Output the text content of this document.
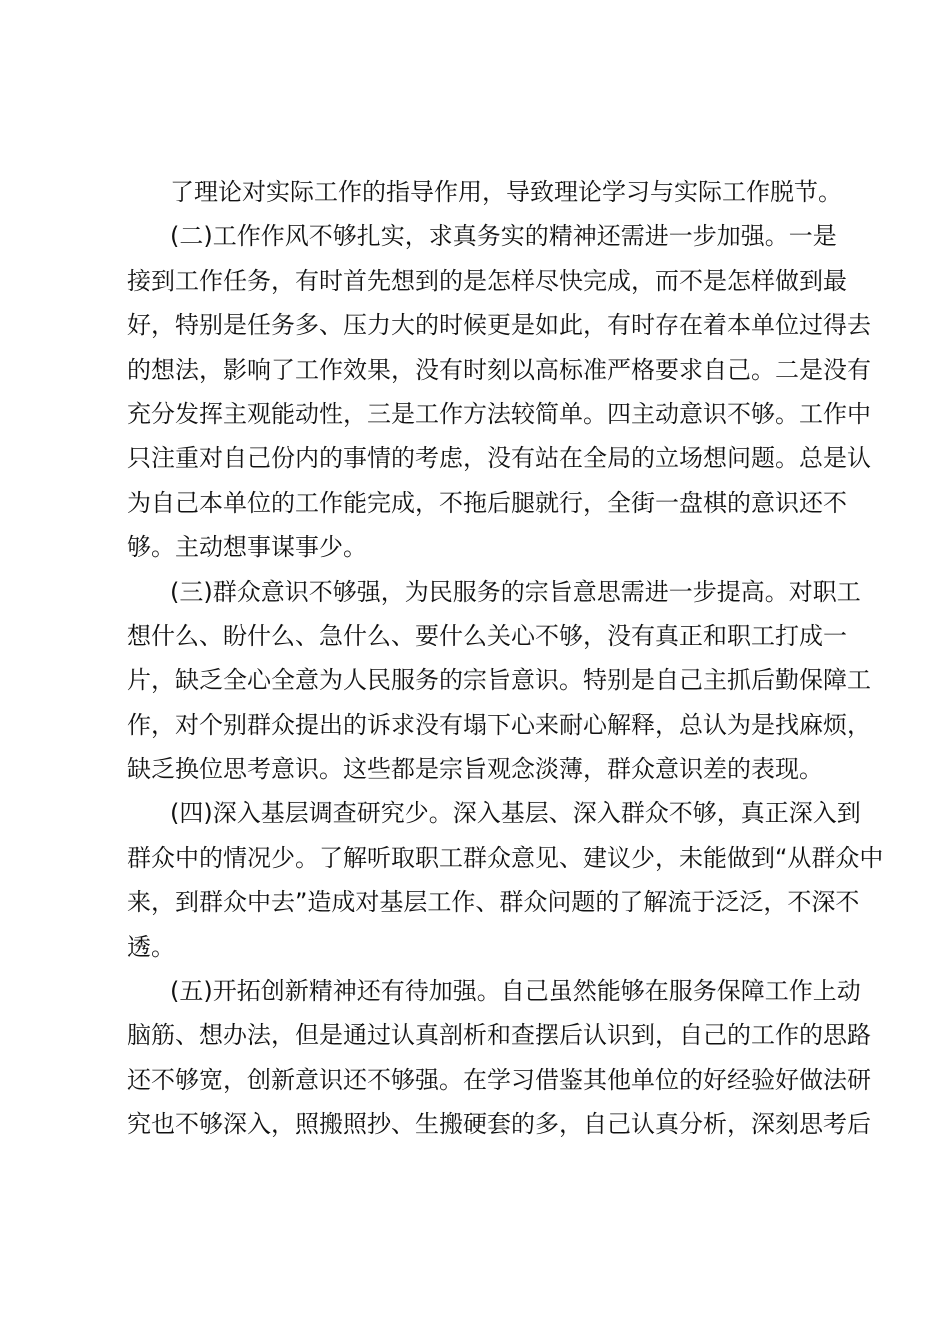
了理论对实际工作的指导作用，导致理论学习与实际工作脱节。
(二)工作作风不够扎实，求真务实的精神还需进一步加强。一是
接到工作任务，有时首先想到的是怎样尽快完成，而不是怎样做到最
好，特别是任务多、压力大的时候更是如此，有时存在着本单位过得去
的想法，影响了工作效果，没有时刻以高标准严格要求自己。二是没有
充分发挥主观能动性，三是工作方法较简单。四主动意识不够。工作中
只注重对自己份内的事情的考虑，没有站在全局的立场想问题。总是认
为自己本单位的工作能完成，不拖后腿就行，全街一盘棋的意识还不
够。主动想事谋事少。
(三)群众意识不够强，为民服务的宗旨意思需进一步提高。对职工
想什么、盼什么、急什么、要什么关心不够，没有真正和职工打成一
片，缺乏全心全意为人民服务的宗旨意识。特别是自己主抓后勤保障工
作，对个别群众提出的诉求没有塌下心来耐心解释，总认为是找麻烦，
缺乏换位思考意识。这些都是宗旨观念淡薄，群众意识差的表现。
(四)深入基层调查研究少。深入基层、深入群众不够，真正深入到
群众中的情况少。了解听取职工群众意见、建议少，未能做到“从群众中
来，到群众中去”造成对基层工作、群众问题的了解流于泛泛，不深不
透。
(五)开拓创新精神还有待加强。自己虽然能够在服务保障工作上动
脑筋、想办法，但是通过认真剖析和查摆后认识到，自己的工作的思路
还不够宽，创新意识还不够强。在学习借鉴其他单位的好经验好做法研
究也不够深入，照搬照抄、生搬硬套的多，自己认真分析，深刻思考后
